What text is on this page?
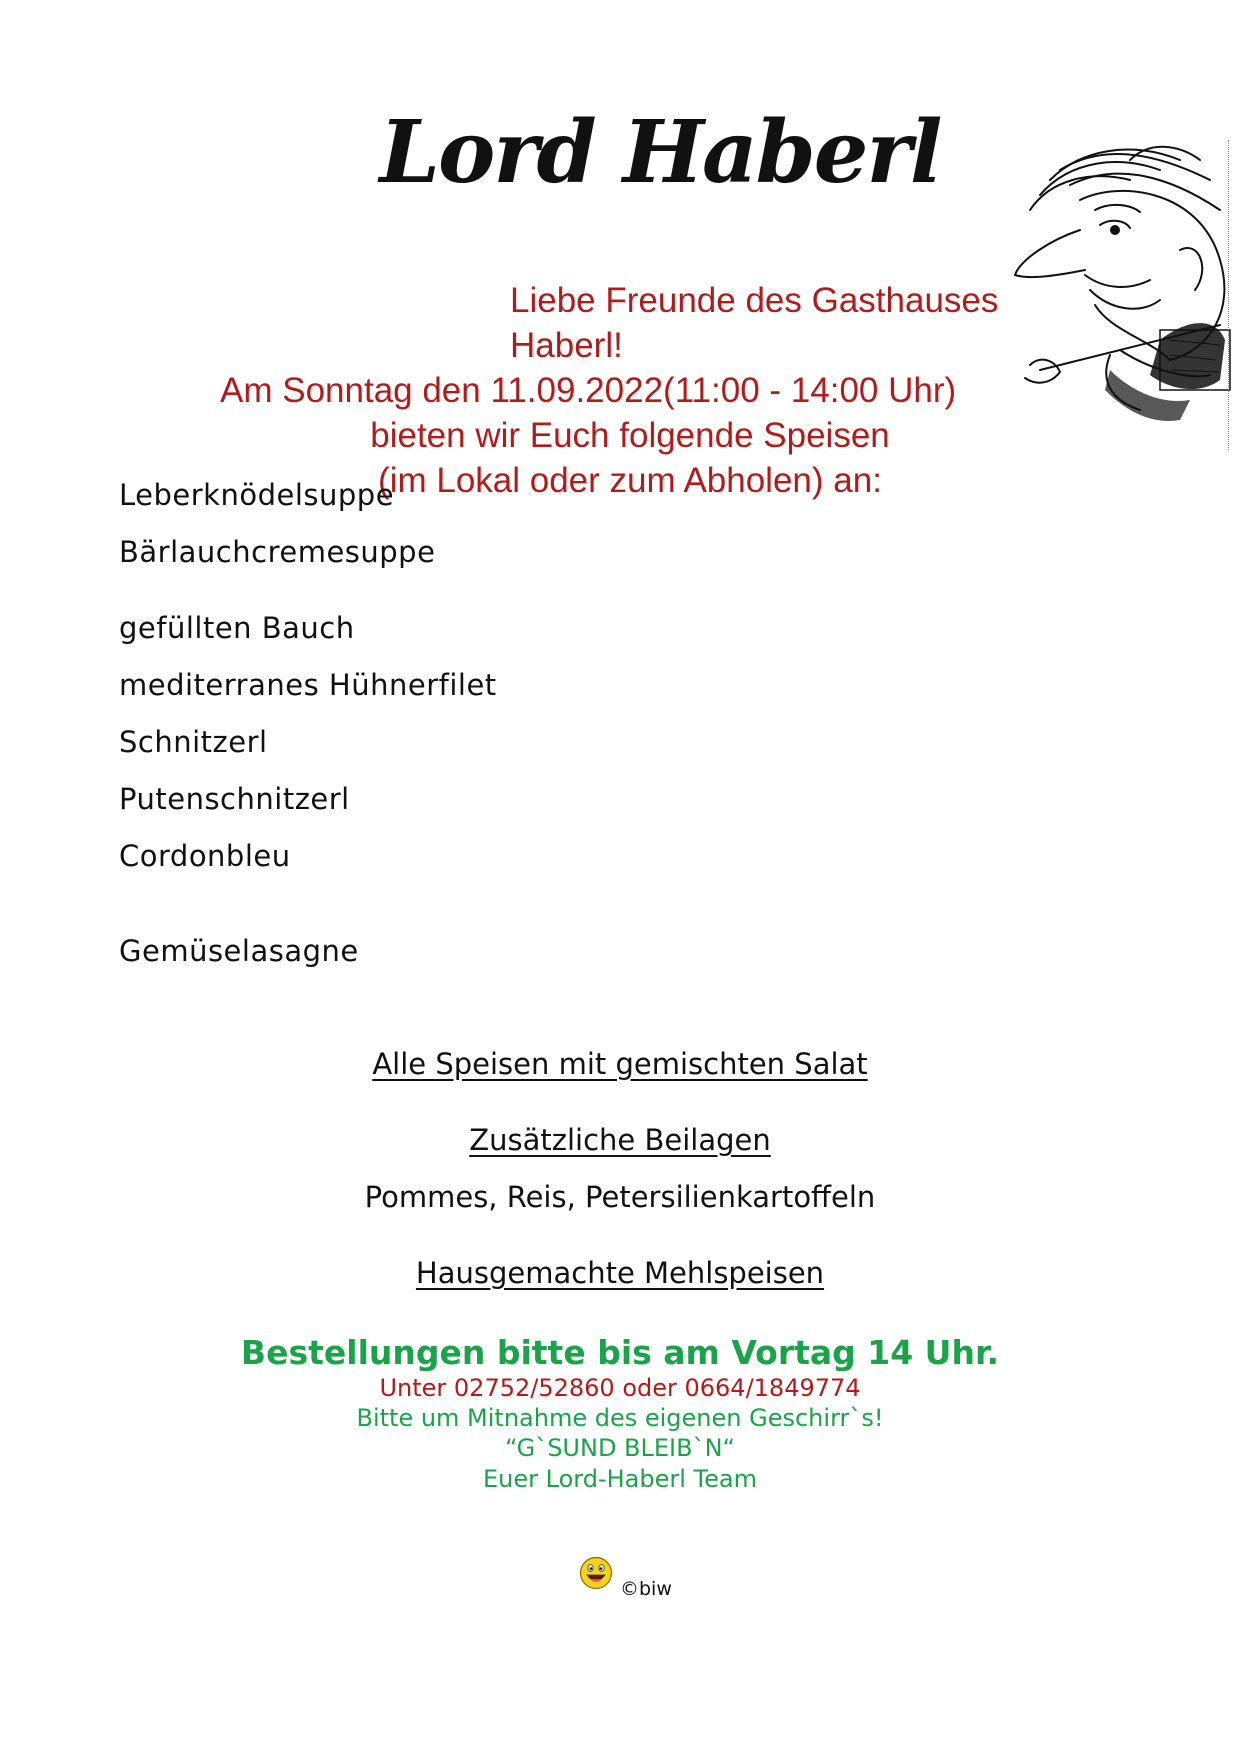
Lord Haberl
Liebe Freunde des Gasthauses Haberl!
Am Sonntag den 11.09.2022(11:00 - 14:00 Uhr)
bieten wir Euch folgende Speisen
(im Lokal oder zum Abholen) an:
Leberknödelsuppe
Bärlauchcremesuppe
gefüllten Bauch
mediterranes Hühnerfilet
Schnitzerl
Putenschnitzerl
Cordonbleu
Gemüselasagne
Alle Speisen mit gemischten Salat
Zusätzliche Beilagen
Pommes, Reis, Petersilienkartoffeln
Hausgemachte Mehlspeisen
Bestellungen bitte bis am Vortag 14 Uhr.
Unter 02752/52860 oder 0664/1849774
Bitte um Mitnahme des eigenen Geschirr`s!
“G`SUND BLEIB`N“
Euer Lord-Haberl Team
©biw
